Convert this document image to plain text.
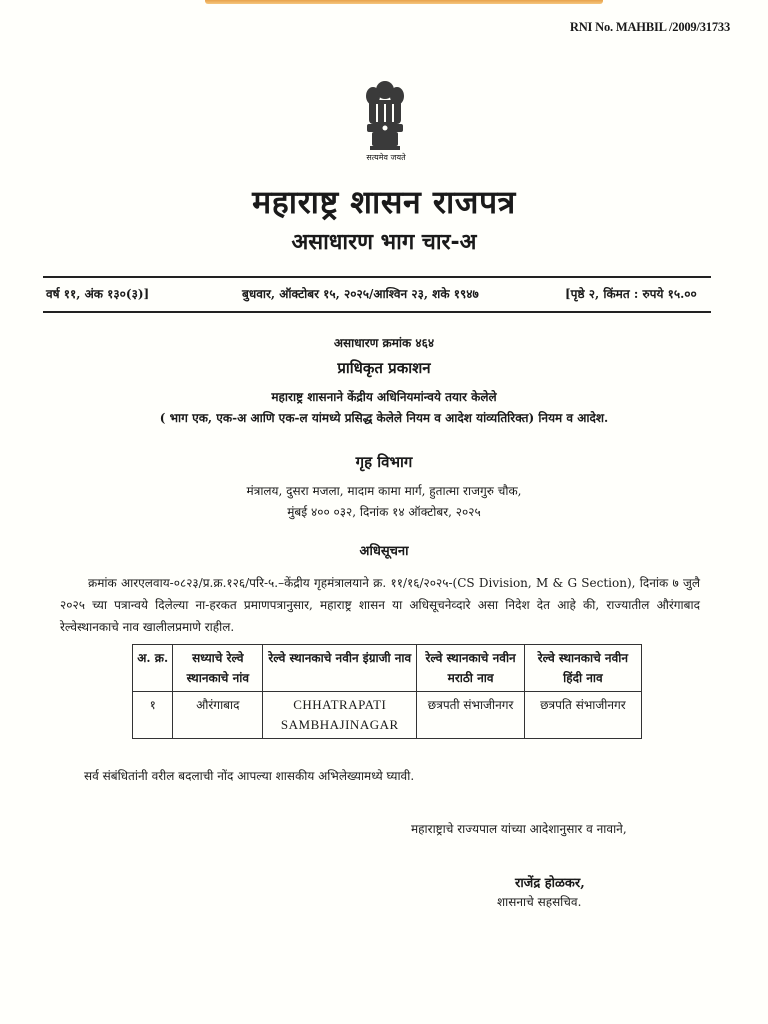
RNI No. MAHBIL /2009/31733
सत्यमेव जयते
महाराष्ट्र शासन राजपत्र
असाधारण भाग चार-अ
वर्ष ११, अंक १३०(३)]	बुधवार, ऑक्टोबर १५, २०२५/आश्विन २३, शके १९४७	[पृष्ठे २, किंमत : रुपये १५.००
असाधारण क्रमांक ४६४
प्राधिकृत प्रकाशन
महाराष्ट्र शासनाने केंद्रीय अधिनियमांन्वये तयार केलेले
( भाग एक, एक-अ आणि एक-ल यांमध्ये प्रसिद्ध केलेले नियम व आदेश यांव्यतिरिक्त) नियम व आदेश.
गृह विभाग
मंत्रालय, दुसरा मजला, मादाम कामा मार्ग, हुतात्मा राजगुरु चौक,
मुंबई ४०० ०३२, दिनांक १४ ऑक्टोबर, २०२५
अधिसूचना
क्रमांक आरएलवाय-०८२३/प्र.क्र.१२६/परि-५.–केंद्रीय गृहमंत्रालयाने क्र. ११/१६/२०२५-(CS Division, M & G Section), दिनांक ७ जुलै २०२५ च्या पत्रान्वये दिलेल्या ना-हरकत प्रमाणपत्रानुसार, महाराष्ट्र शासन या अधिसूचनेव्दारे असा निदेश देत आहे की, राज्यातील औरंगाबाद रेल्वेस्थानकाचे नाव खालीलप्रमाणे राहील.
अ. क्र.	सध्याचे रेल्वे स्थानकाचे नांव	रेल्वे स्थानकाचे नवीन इंग्राजी नाव	रेल्वे स्थानकाचे नवीन मराठी नाव	रेल्वे स्थानकाचे नवीन हिंदी नाव
१	औरंगाबाद	CHHATRAPATI SAMBHAJINAGAR	छत्रपती संभाजीनगर	छत्रपति संभाजीनगर
सर्व संबंधितांनी वरील बदलाची नोंद आपल्या शासकीय अभिलेख्यामध्ये घ्यावी.
महाराष्ट्राचे राज्यपाल यांच्या आदेशानुसार व नावाने,
राजेंद्र होळकर,
शासनाचे सहसचिव.
